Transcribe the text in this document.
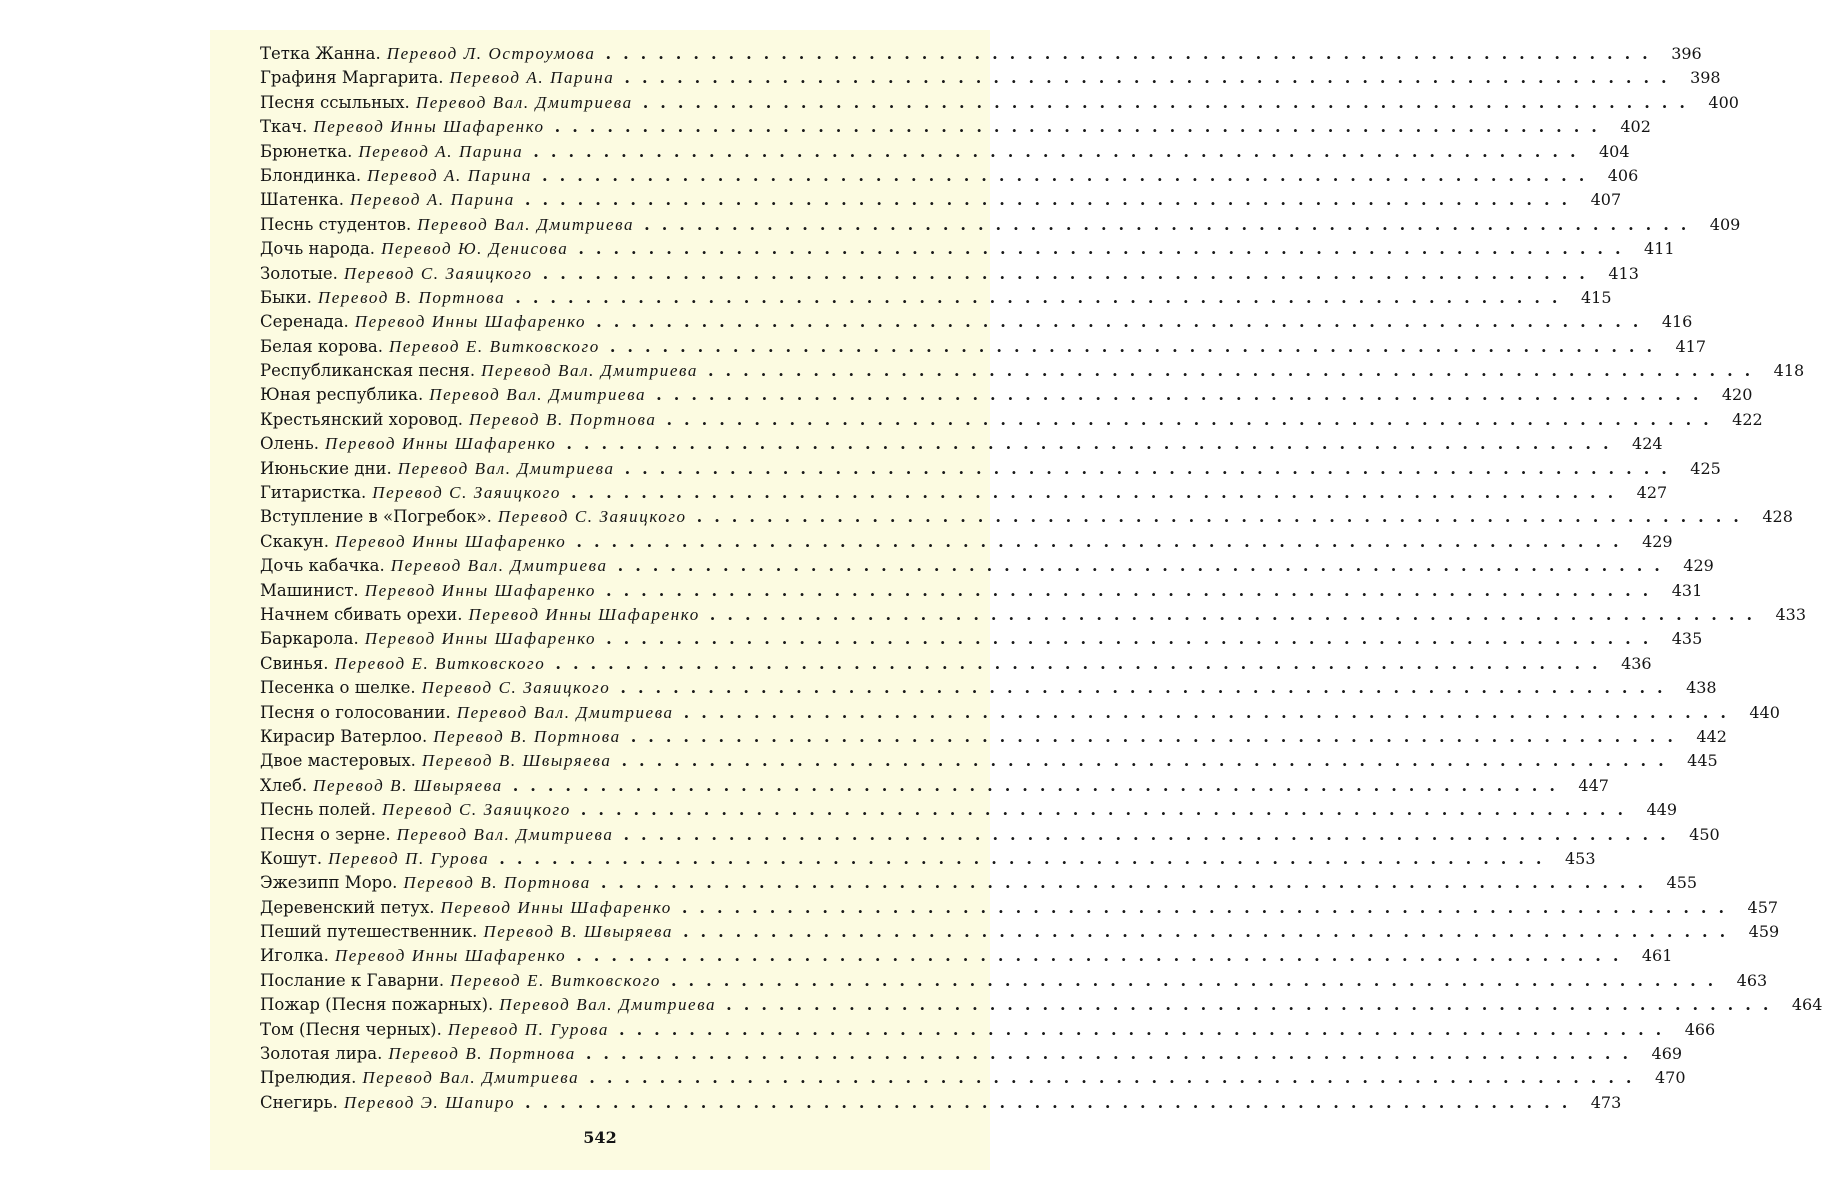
Тетка Жанна. Перевод Л. Остроумова ............................................................ 396
Графиня Маргарита. Перевод А. Парина ............................................................ 398
Песня ссыльных. Перевод Вал. Дмитриева ............................................................ 400
Ткач. Перевод Инны Шафаренко ............................................................ 402
Брюнетка. Перевод А. Парина ............................................................ 404
Блондинка. Перевод А. Парина ............................................................ 406
Шатенка. Перевод А. Парина ............................................................ 407
Песнь студентов. Перевод Вал. Дмитриева ............................................................ 409
Дочь народа. Перевод Ю. Денисова ............................................................ 411
Золотые. Перевод С. Заяицкого ............................................................ 413
Быки. Перевод В. Портнова ............................................................ 415
Серенада. Перевод Инны Шафаренко ............................................................ 416
Белая корова. Перевод Е. Витковского ............................................................ 417
Республиканская песня. Перевод Вал. Дмитриева ............................................................ 418
Юная республика. Перевод Вал. Дмитриева ............................................................ 420
Крестьянский хоровод. Перевод В. Портнова ............................................................ 422
Олень. Перевод Инны Шафаренко ............................................................ 424
Июньские дни. Перевод Вал. Дмитриева ............................................................ 425
Гитаристка. Перевод С. Заяицкого ............................................................ 427
Вступление в «Погребок». Перевод С. Заяицкого ............................................................ 428
Скакун. Перевод Инны Шафаренко ............................................................ 429
Дочь кабачка. Перевод Вал. Дмитриева ............................................................ 429
Машинист. Перевод Инны Шафаренко ............................................................ 431
Начнем сбивать орехи. Перевод Инны Шафаренко ............................................................ 433
Баркарола. Перевод Инны Шафаренко ............................................................ 435
Свинья. Перевод Е. Витковского ............................................................ 436
Песенка о шелке. Перевод С. Заяицкого ............................................................ 438
Песня о голосовании. Перевод Вал. Дмитриева ............................................................ 440
Кирасир Ватерлоо. Перевод В. Портнова ............................................................ 442
Двое мастеровых. Перевод В. Швыряева ............................................................ 445
Хлеб. Перевод В. Швыряева ............................................................ 447
Песнь полей. Перевод С. Заяицкого ............................................................ 449
Песня о зерне. Перевод Вал. Дмитриева ............................................................ 450
Кошут. Перевод П. Гурова ............................................................ 453
Эжезипп Моро. Перевод В. Портнова ............................................................ 455
Деревенский петух. Перевод Инны Шафаренко ............................................................ 457
Пеший путешественник. Перевод В. Швыряева ............................................................ 459
Иголка. Перевод Инны Шафаренко ............................................................ 461
Послание к Гаварни. Перевод Е. Витковского ............................................................ 463
Пожар (Песня пожарных). Перевод Вал. Дмитриева ............................................................ 464
Том (Песня черных). Перевод П. Гурова ............................................................ 466
Золотая лира. Перевод В. Портнова ............................................................ 469
Прелюдия. Перевод Вал. Дмитриева ............................................................ 470
Снегирь. Перевод Э. Шапиро ............................................................ 473
542
